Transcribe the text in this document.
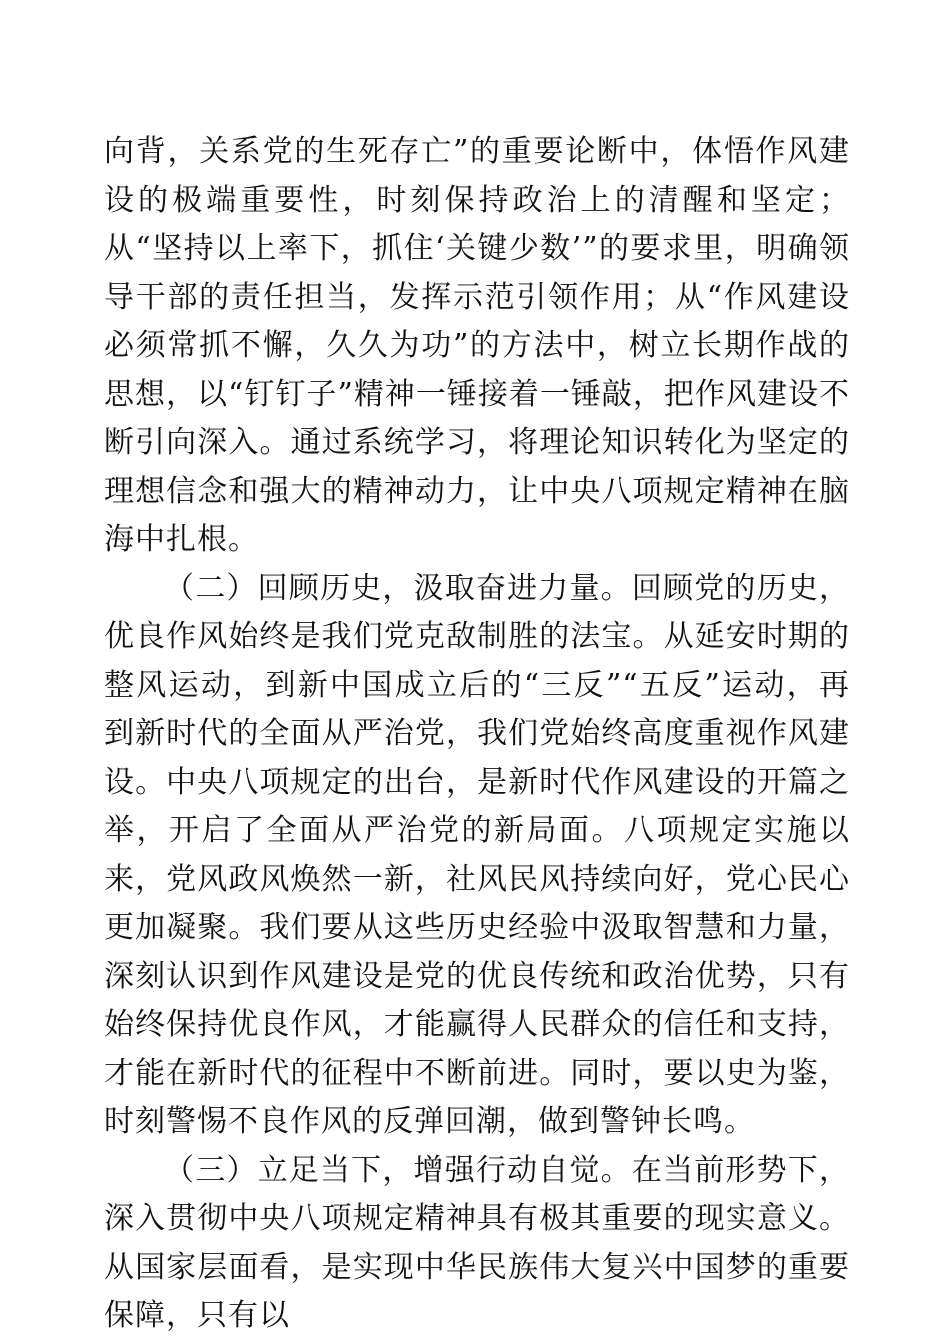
向背，关系党的生死存亡”的重要论断中，体悟作风建设的极端重要性，时刻保持政治上的清醒和坚定；从“坚持以上率下，抓住‘关键少数’”的要求里，明确领导干部的责任担当，发挥示范引领作用；从“作风建设必须常抓不懈，久久为功”的方法中，树立长期作战的思想，以“钉钉子”精神一锤接着一锤敲，把作风建设不断引向深入。通过系统学习，将理论知识转化为坚定的理想信念和强大的精神动力，让中央八项规定精神在脑海中扎根。

（二）回顾历史，汲取奋进力量。回顾党的历史，优良作风始终是我们党克敌制胜的法宝。从延安时期的整风运动，到新中国成立后的“三反”“五反”运动，再到新时代的全面从严治党，我们党始终高度重视作风建设。中央八项规定的出台，是新时代作风建设的开篇之举，开启了全面从严治党的新局面。八项规定实施以来，党风政风焕然一新，社风民风持续向好，党心民心更加凝聚。我们要从这些历史经验中汲取智慧和力量，深刻认识到作风建设是党的优良传统和政治优势，只有始终保持优良作风，才能赢得人民群众的信任和支持，才能在新时代的征程中不断前进。同时，要以史为鉴，时刻警惕不良作风的反弹回潮，做到警钟长鸣。

（三）立足当下，增强行动自觉。在当前形势下，深入贯彻中央八项规定精神具有极其重要的现实意义。从国家层面看，是实现中华民族伟大复兴中国梦的重要保障，只有以
